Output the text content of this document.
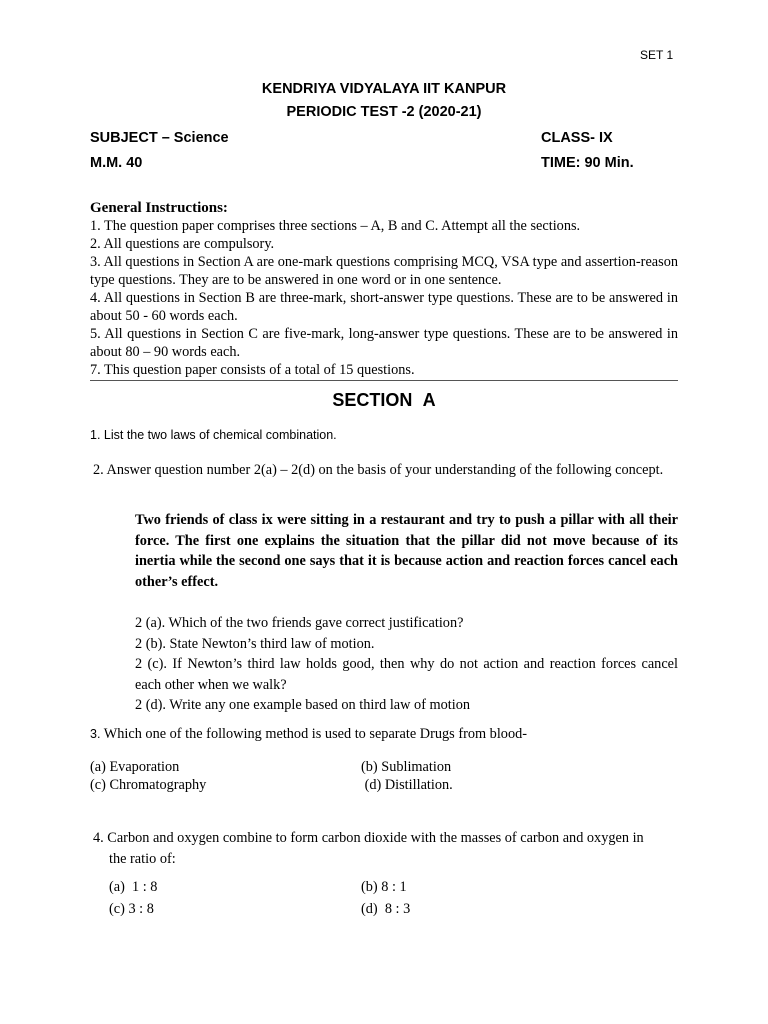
SET 1
KENDRIYA VIDYALAYA IIT KANPUR
PERIODIC TEST -2 (2020-21)
SUBJECT – Science	CLASS- IX
M.M. 40	TIME: 90 Min.
General Instructions:

1. The question paper comprises three sections – A, B and C. Attempt all the sections.

2. All questions are compulsory.

3. All questions in Section A are one-mark questions comprising MCQ, VSA type and assertion-reason type questions. They are to be answered in one word or in one sentence.

4. All questions in Section B are three-mark, short-answer type questions. These are to be answered in about 50 - 60 words each.

5. All questions in Section C are five-mark, long-answer type questions. These are to be answered in about 80 – 90 words each.

7. This question paper consists of a total of 15 questions.

SECTION A
1. List the two laws of chemical combination.

2. Answer question number 2(a) – 2(d) on the basis of your understanding of the following concept.

Two friends of class ix were sitting in a restaurant and try to push a pillar with all their force. The first one explains the situation that the pillar did not move because of its inertia while the second one says that it is because action and reaction forces cancel each other’s effect.

2 (a). Which of the two friends gave correct justification?
2 (b). State Newton’s third law of motion.
2 (c). If Newton’s third law holds good, then why do not action and reaction forces cancel each other when we walk?
2 (d). Write any one example based on third law of motion
3. Which one of the following method is used to separate Drugs from blood-
(a) Evaporation	(b) Sublimation
(c) Chromatography	(d) Distillation.

4. Carbon and oxygen combine to form carbon dioxide with the masses of carbon and oxygen in

the ratio of:

(a)  1 : 8	(b) 8 : 1
(c) 3 : 8	(d)  8 : 3
